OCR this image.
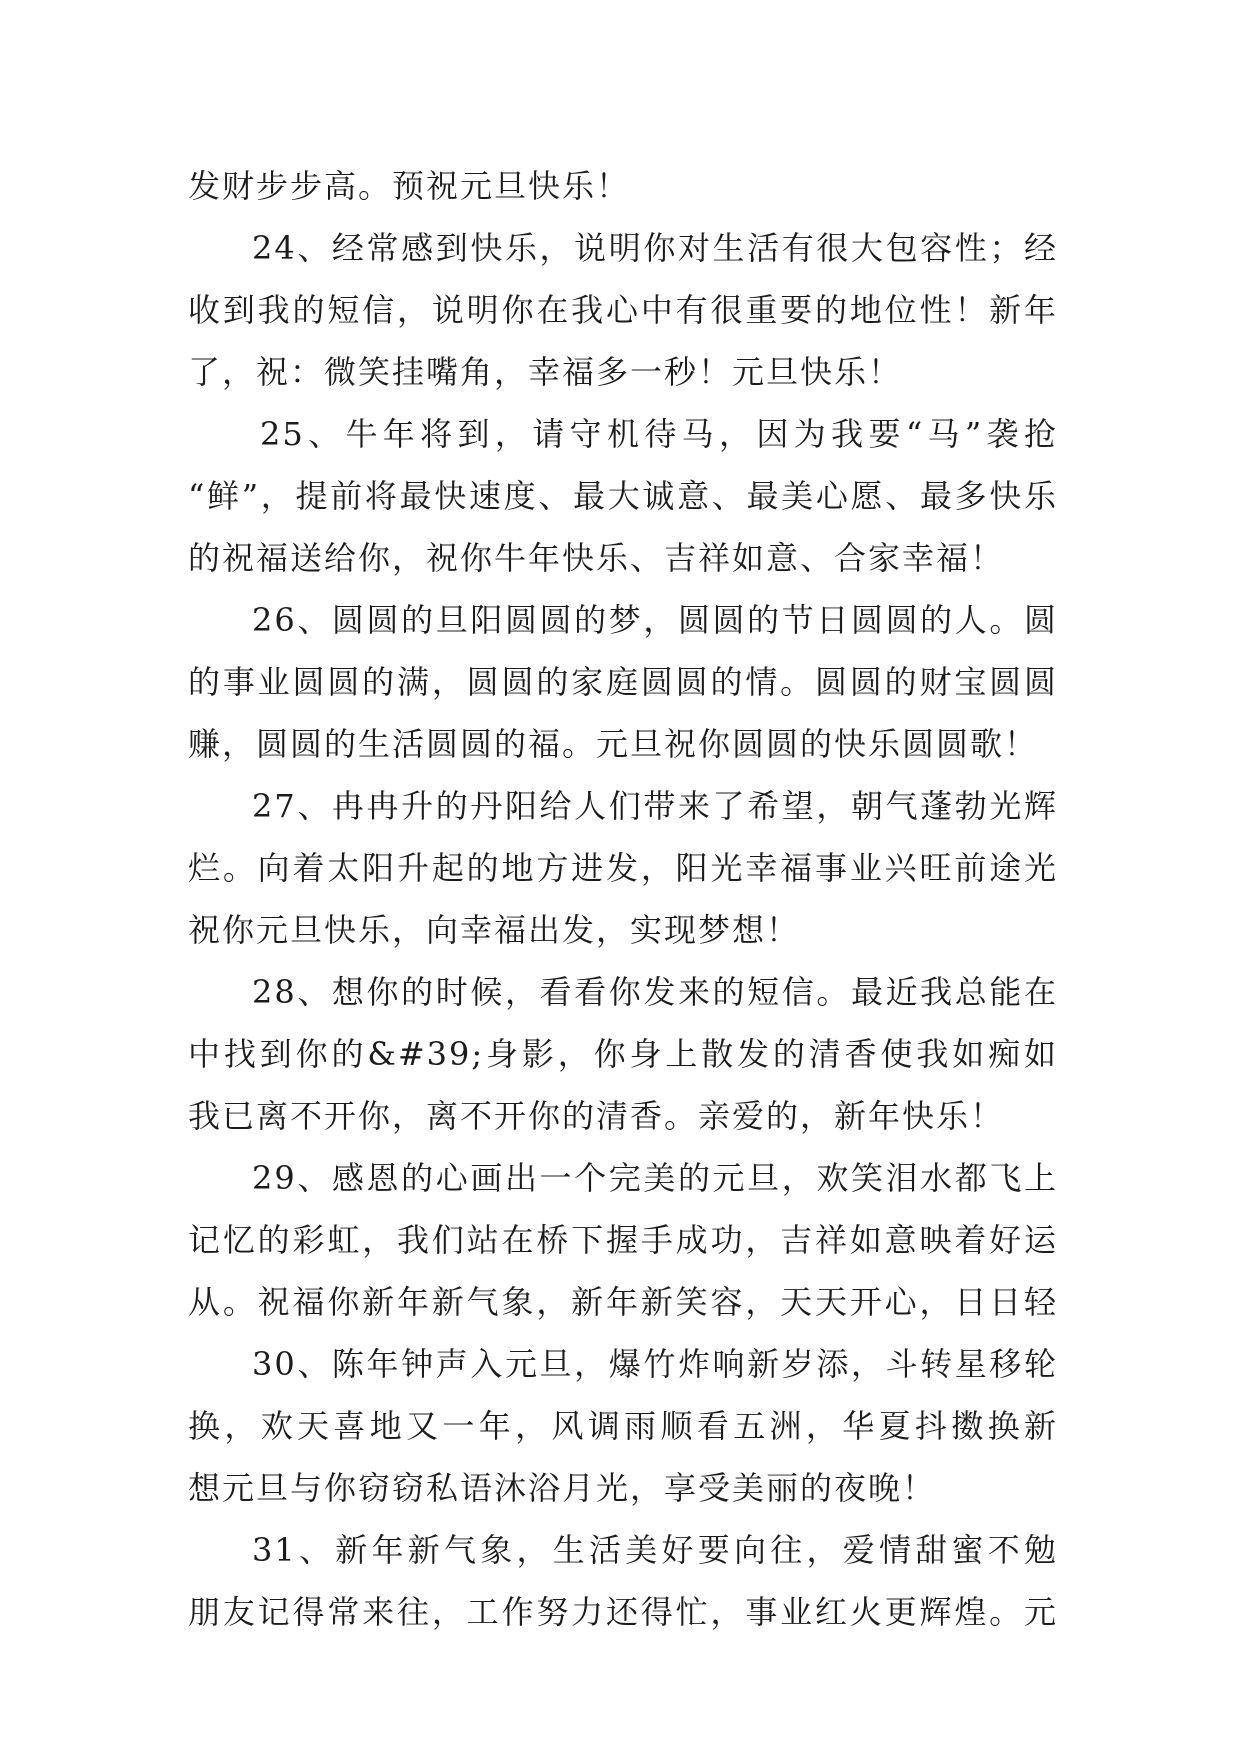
发财步步高。预祝元旦快乐！
24、经常感到快乐，说明你对生活有很大包容性；经
收到我的短信，说明你在我心中有很重要的地位性！新年
了，祝：微笑挂嘴角，幸福多一秒！元旦快乐！
25、牛年将到，请守机待马，因为我要“马”袭抢
“鲜”，提前将最快速度、最大诚意、最美心愿、最多快乐
的祝福送给你，祝你牛年快乐、吉祥如意、合家幸福！
26、圆圆的旦阳圆圆的梦，圆圆的节日圆圆的人。圆
的事业圆圆的满，圆圆的家庭圆圆的情。圆圆的财宝圆圆
赚，圆圆的生活圆圆的福。元旦祝你圆圆的快乐圆圆歌！
27、冉冉升的丹阳给人们带来了希望，朝气蓬勃光辉
烂。向着太阳升起的地方进发，阳光幸福事业兴旺前途光
祝你元旦快乐，向幸福出发，实现梦想！
28、想你的时候，看看你发来的短信。最近我总能在
中找到你的&#39;身影，你身上散发的清香使我如痴如
我已离不开你，离不开你的清香。亲爱的，新年快乐！
29、感恩的心画出一个完美的元旦，欢笑泪水都飞上
记忆的彩虹，我们站在桥下握手成功，吉祥如意映着好运
从。祝福你新年新气象，新年新笑容，天天开心，日日轻
30、陈年钟声入元旦，爆竹炸响新岁添，斗转星移轮
换，欢天喜地又一年，风调雨顺看五洲，华夏抖擞换新
想元旦与你窃窃私语沐浴月光，享受美丽的夜晚！
31、新年新气象，生活美好要向往，爱情甜蜜不勉
朋友记得常来往，工作努力还得忙，事业红火更辉煌。元
